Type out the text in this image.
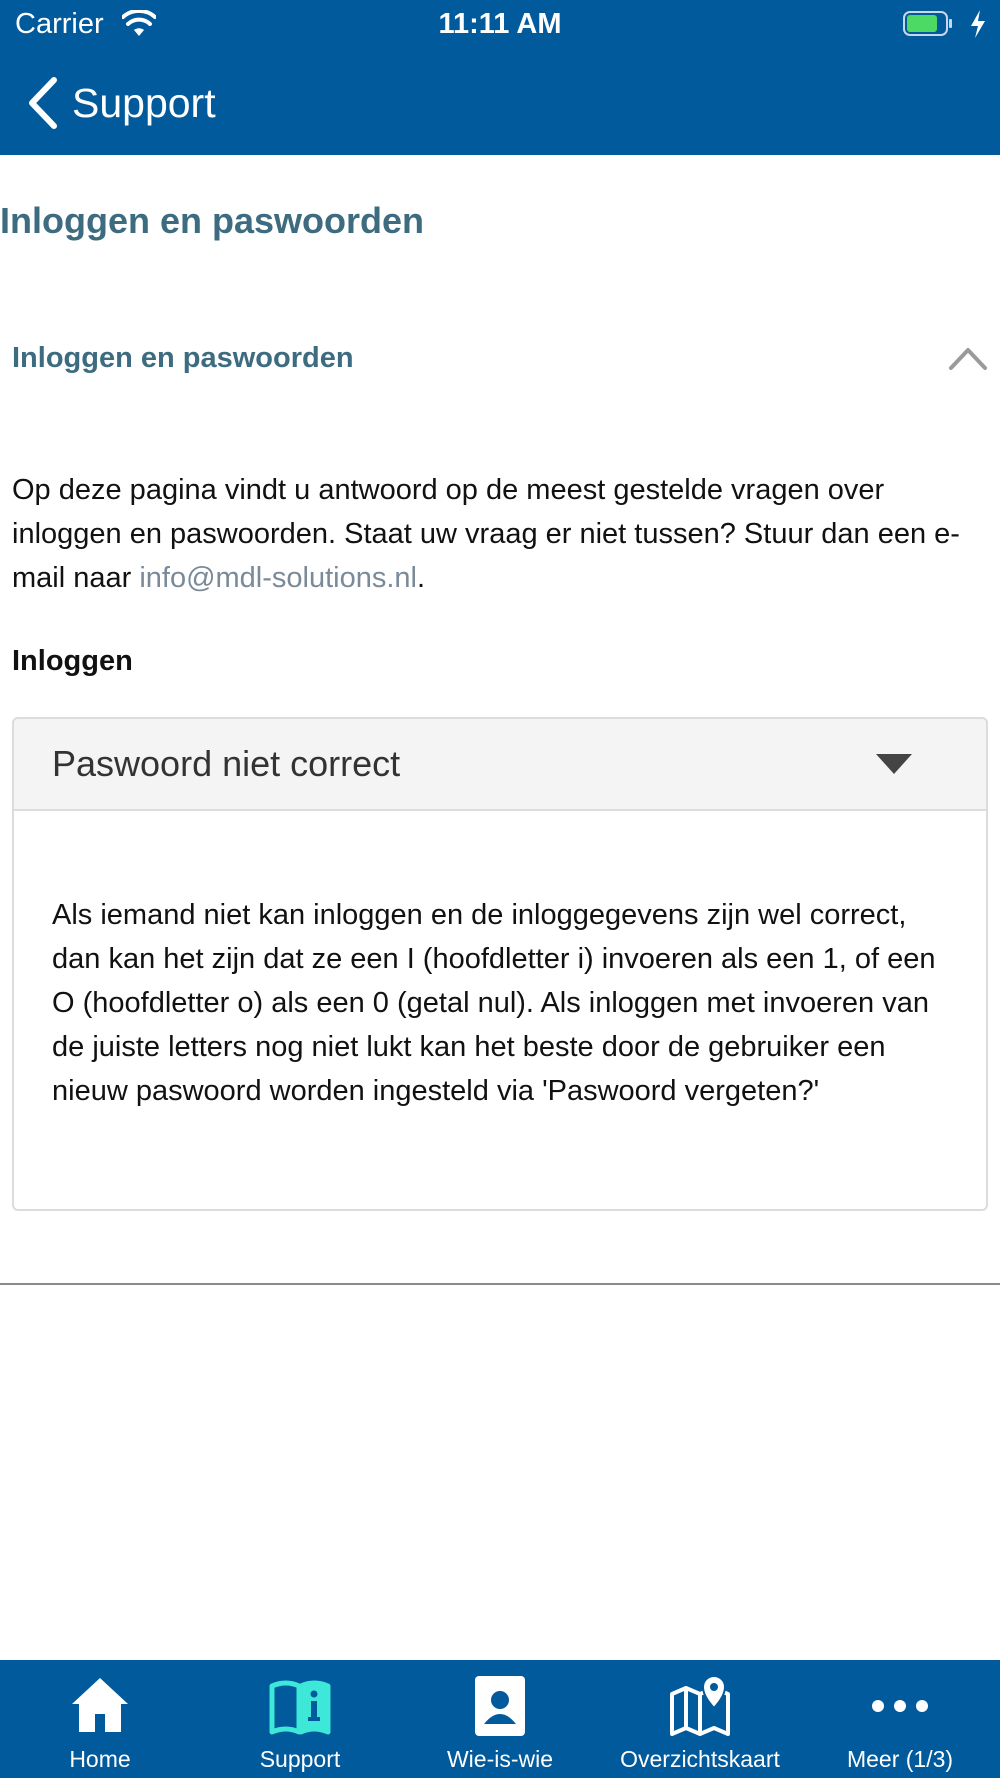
Carrier	11:11 AM
Support
Inloggen en paswoorden
Inloggen en paswoorden

Op deze pagina vindt u antwoord op de meest gestelde vragen over inloggen en paswoorden. Staat uw vraag er niet tussen? Stuur dan een e-mail naar info@mdl-solutions.nl.

Inloggen
Paswoord niet correct
Als iemand niet kan inloggen en de inloggegevens zijn wel correct, dan kan het zijn dat ze een I (hoofdletter i) invoeren als een 1, of een O (hoofdletter o) als een 0 (getal nul). Als inloggen met invoeren van de juiste letters nog niet lukt kan het beste door de gebruiker een nieuw paswoord worden ingesteld via 'Paswoord vergeten?'
Home	Support	Wie-is-wie	Overzichtskaart	Meer (1/3)
